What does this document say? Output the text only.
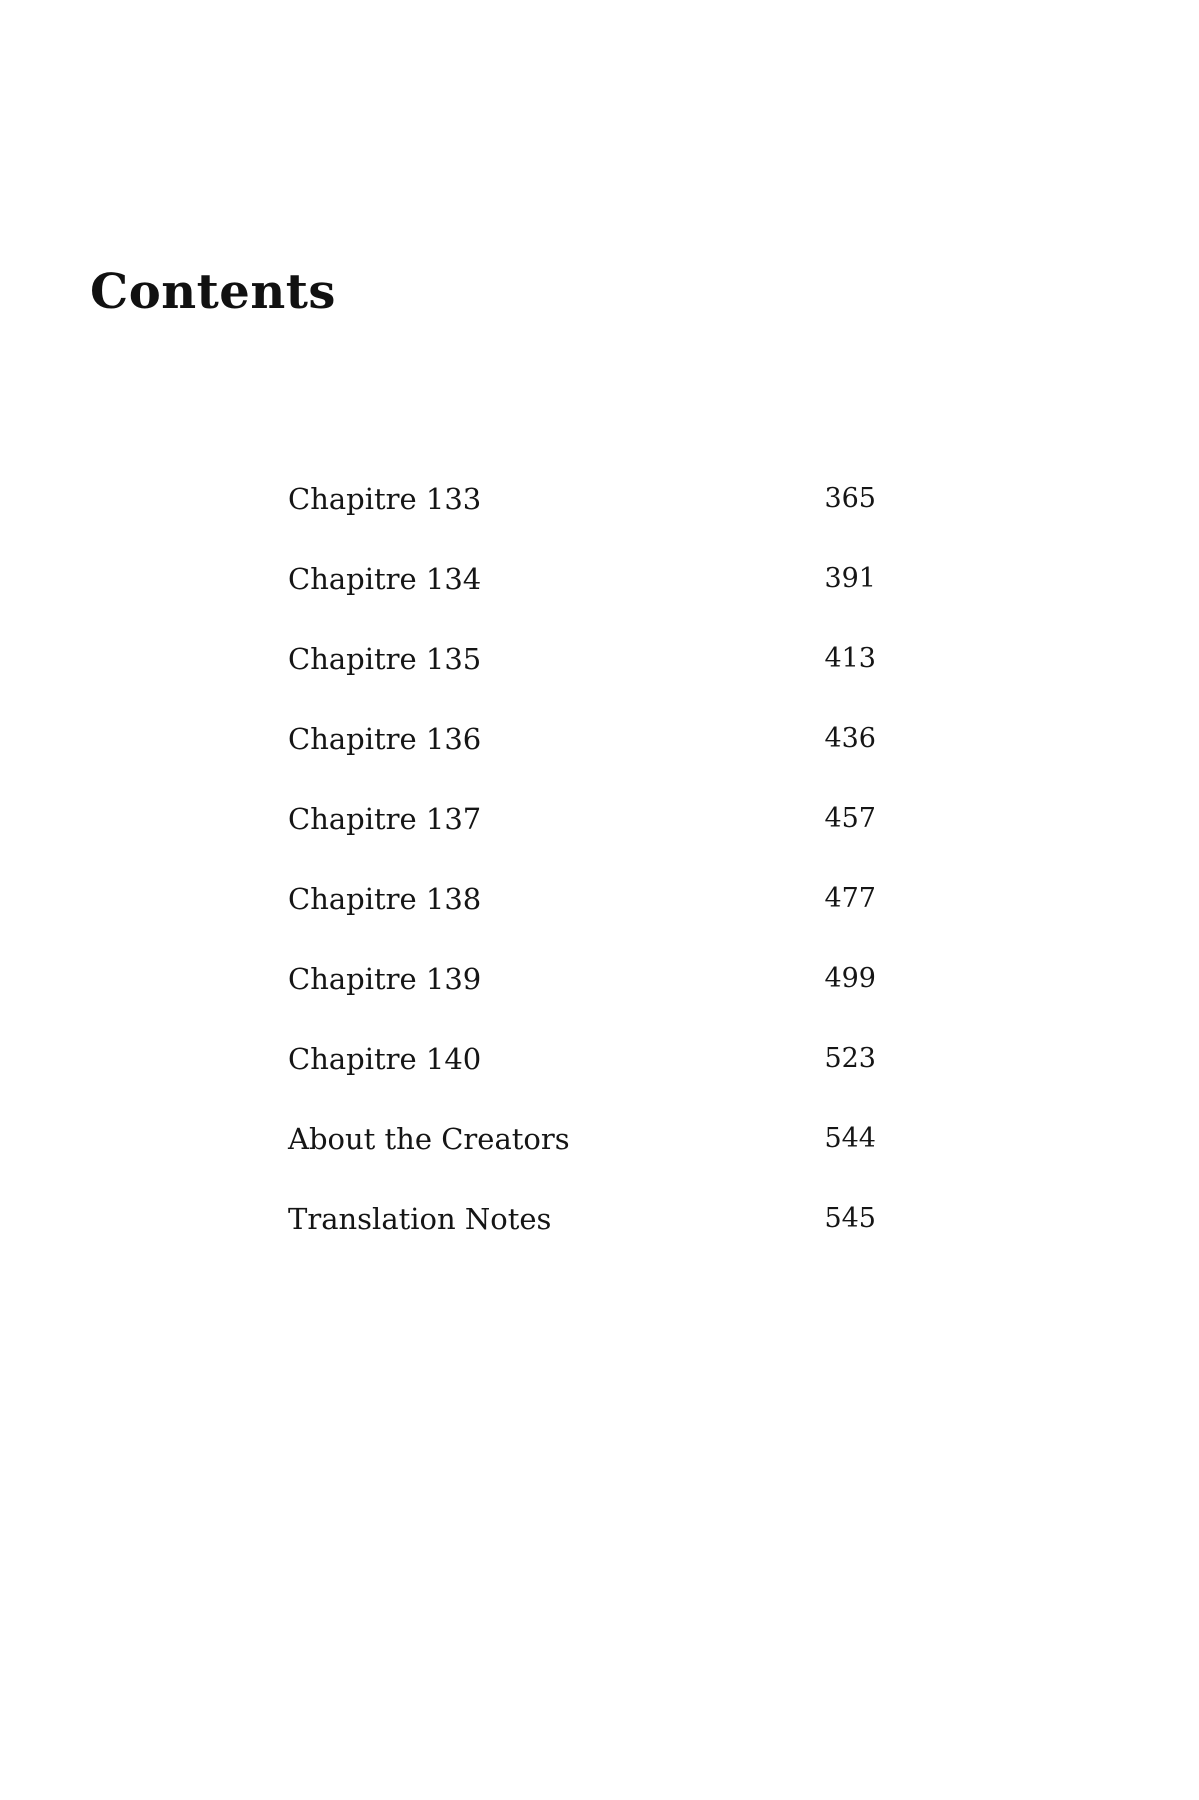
Contents
Chapitre 133	365
Chapitre 134	391
Chapitre 135	413
Chapitre 136	436
Chapitre 137	457
Chapitre 138	477
Chapitre 139	499
Chapitre 140	523
About the Creators	544
Translation Notes	545
